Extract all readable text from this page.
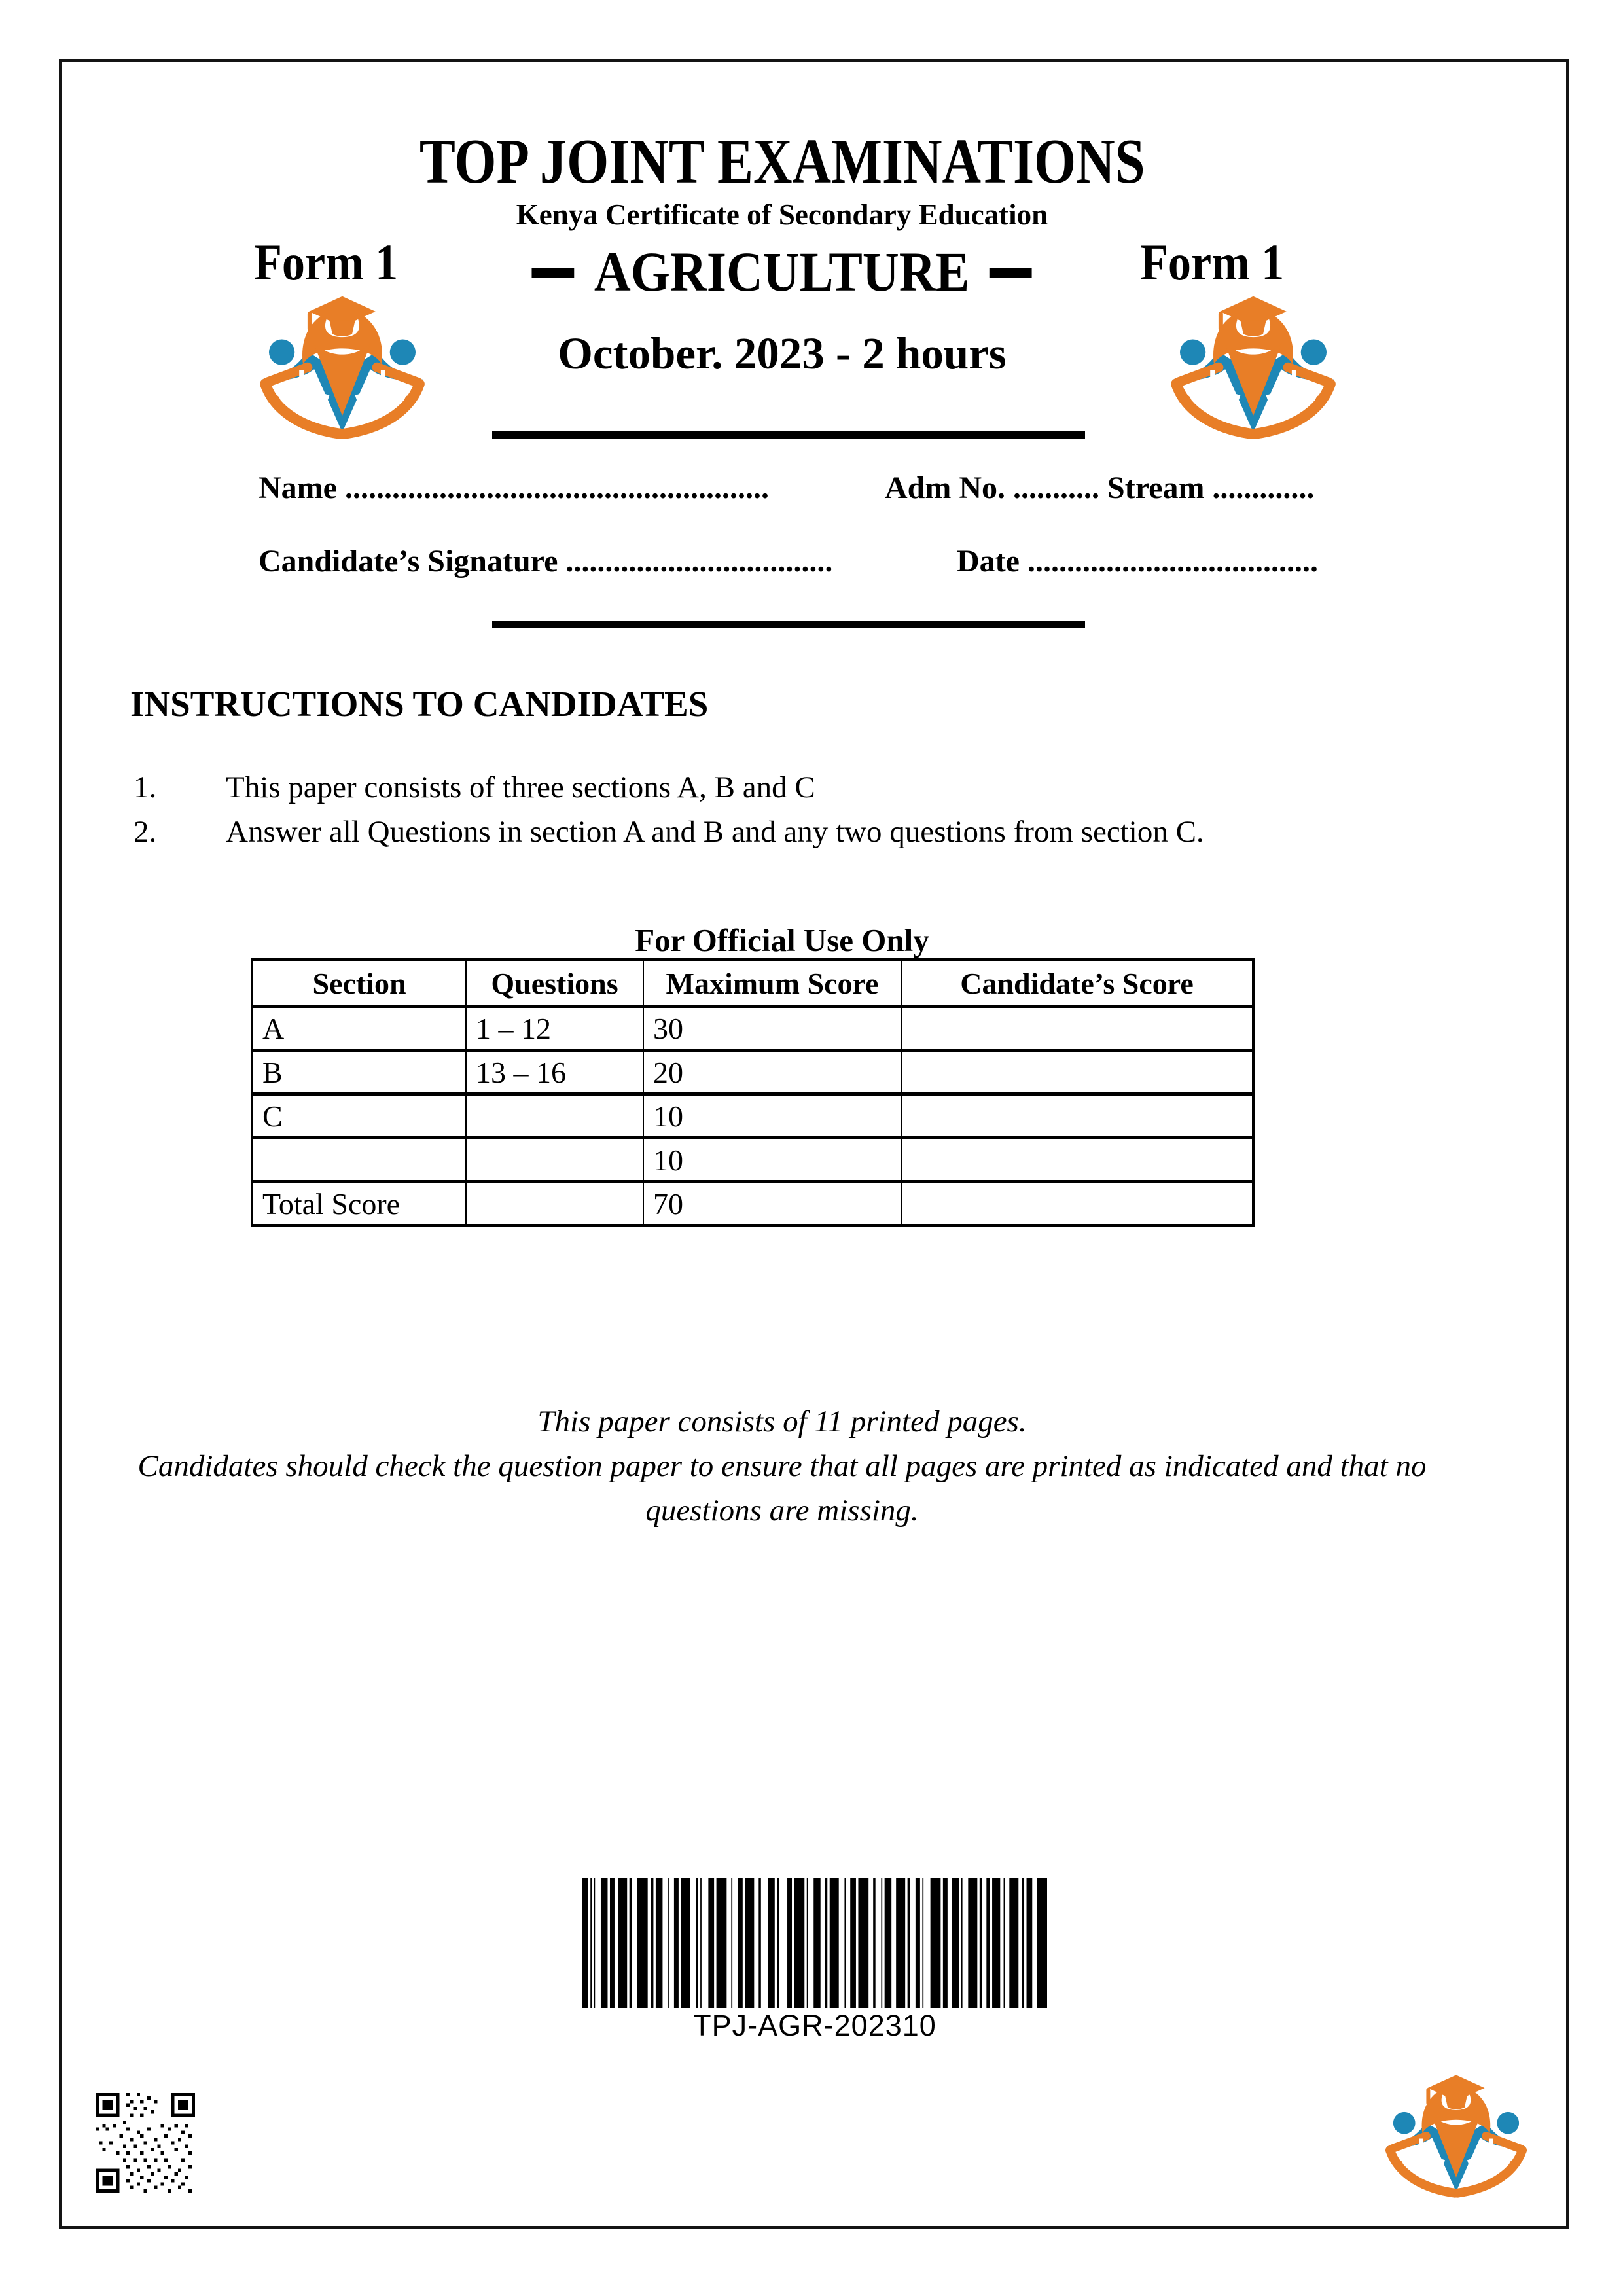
TOP JOINT EXAMINATIONS
Kenya Certificate of Secondary Education
Form 1	Form 1
AGRICULTURE
October. 2023 - 2 hours
Name ......................................................	Adm No. ........... Stream .............
Candidate’s Signature ..................................	Date .....................................
INSTRUCTIONS TO CANDIDATES
1. This paper consists of three sections A, B and C
2. Answer all Questions in section A and B and any two questions from section C.
For Official Use Only
Section	Questions	Maximum Score	Candidate’s Score
A	1 – 12	30	
B	13 – 16	20	
C		10	
		10	
Total Score		70	
This paper consists of 11 printed pages.
Candidates should check the question paper to ensure that all pages are printed as indicated and that no questions are missing.
TPJ-AGR-202310
